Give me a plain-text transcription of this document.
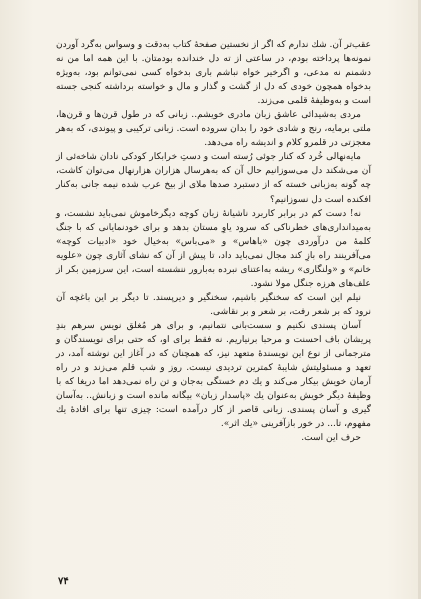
عقب‌تر آن. شك ندارم كه اگر از نخستین صفحهٔ كتاب به‌دقت و وسواس به‌گرد آوردن نمونه‌ها پرداخته بودم، در ساعتی از ته دل خندانده بودمتان. با این همه اما من نه دشمنم نه مدعی، و اگرخیر خواه نباشم باری بدخواه كسی نمی‌توانم بود، به‌ویژه بدخواه همچون خودی كه دل از گشت و گذار و مال و خواسته برداشته كنجی جسته است و به‌وظیفهٔ قلمی می‌زند.

مردی به‌شیدائی عاشق زبان مادری خویشم.. زبانی كه در طول قرن‌ها و قرن‌ها، ملتی برمایه، رنج و شادی خود را بدان سروده است. زبانی تركیبی و پیوندی، كه به‌هر معجزتی در قلمرو كلام و اندیشه راه می‌دهد.

مایه‌نهالی خُرد كه كنار جوئی رُسته است و دستِ خرابكار كودكی نادان شاخه‌ئی از آن می‌شكند دل می‌سوزانیم حال آن كه به‌هرسال هزاران هزارنهال می‌توان كاشت، چه گونه به‌زبانی خسته كه از دستبرد صدها ملای از بیخ عرب شده نیمه جانی به‌كنار افكنده است دل نسوزانیم؟

نه! دست كم در برابر كاربرد ناشیانهٔ زبان كوچه دیگرخاموش نمی‌باید نشست، و به‌میدانداری‌های خطرناكی كه سرود یاوِ مستان بدهد و برای خودنمایانی كه با جنگ كلمهٔ من درآوردی چون «باهاس» و «می‌باس» به‌خیال خود «ادبیات كوچه» می‌آفرینند راه بازِ كند مجال نمی‌باید داد، تا پیش از آن كه نشای آثاری چون «علویه خانم» و «ولنگاری» ریشه به‌اعتنای نبرده به‌بارور ننشسته است، این سرزمین بكر از علف‌های هرزه جنگل مولا نشود.

نیلم این است كه سخنگیر باشیم، سخنگیر و دیرپسند. تا دیگر بر این باغچه آن نرود كه بر شعر رفت، بر شعر و بر نقاشی.

آسان پسندی نكنیم و سست‌بانی نتمانیم، و برای هر مُغلق نویس سرهم بندِ پریشان باف احسنت و مرحبا برنیاریم. نه فقط برای او، كه حتی برای نویسندگان و مترجمانی از نوع این نویسندهٔ متعهد نیز، كه همچنان كه در آغاز این نوشته آمد، در تعهد و مسئولیتش شایبهٔ كمترین تردیدی نیست. روز و شب قلم می‌زند و در راه آرمان خویش بیكار می‌كند و یك دم خستگی به‌جان و تن راه نمی‌دهد اما دریغا كه با وظیفهٔ دیگر خویش به‌عنوان یك «پاسدار زبان» بیگانه مانده است و زبانش.. به‌آسان گیری و آسان پسندی. زبانی قاصر از كار درآمده است: چیزی تنها برای افادهٔ یك مفهوم، تا... در خور بازآفرینی «یك اثر».

حرف این است.

۷۴
